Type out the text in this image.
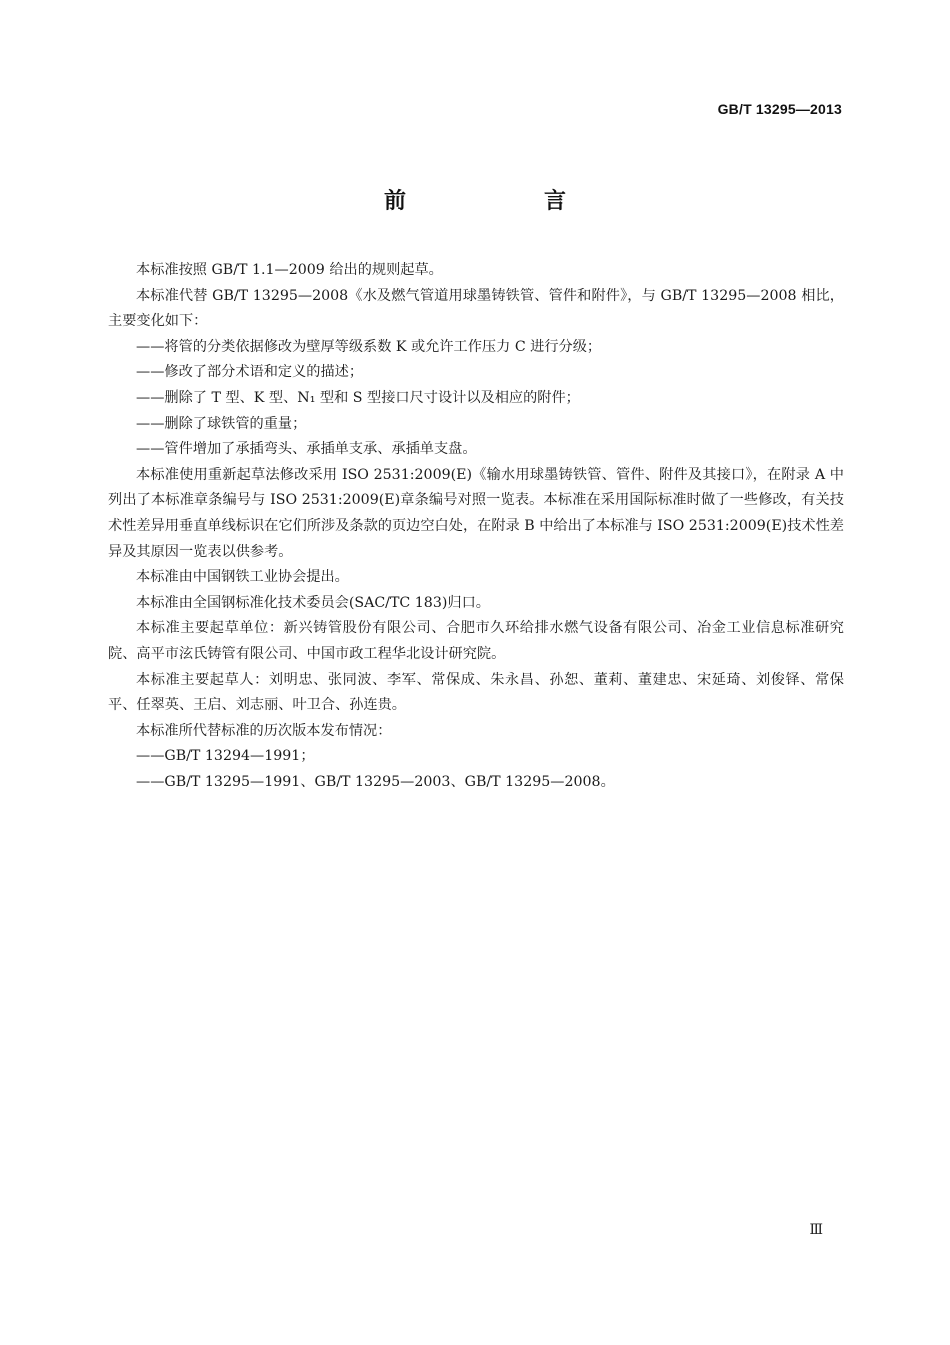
GB/T 13295—2013
前　言

本标准按照 GB/T 1.1—2009 给出的规则起草。

本标准代替 GB/T 13295—2008《水及燃气管道用球墨铸铁管、管件和附件》，与 GB/T 13295—2008 相比，主要变化如下：

——将管的分类依据修改为壁厚等级系数 K 或允许工作压力 C 进行分级；

——修改了部分术语和定义的描述；

——删除了 T 型、K 型、N₁ 型和 S 型接口尺寸设计以及相应的附件；

——删除了球铁管的重量；

——管件增加了承插弯头、承插单支承、承插单支盘。

本标准使用重新起草法修改采用 ISO 2531:2009(E)《输水用球墨铸铁管、管件、附件及其接口》，在附录 A 中列出了本标准章条编号与 ISO 2531:2009(E)章条编号对照一览表。本标准在采用国际标准时做了一些修改，有关技术性差异用垂直单线标识在它们所涉及条款的页边空白处，在附录 B 中给出了本标准与 ISO 2531:2009(E)技术性差异及其原因一览表以供参考。

本标准由中国钢铁工业协会提出。

本标准由全国钢标准化技术委员会(SAC/TC 183)归口。

本标准主要起草单位：新兴铸管股份有限公司、合肥市久环给排水燃气设备有限公司、冶金工业信息标准研究院、高平市泫氏铸管有限公司、中国市政工程华北设计研究院。

本标准主要起草人：刘明忠、张同波、李军、常保成、朱永昌、孙恕、董莉、董建忠、宋延琦、刘俊铎、常保平、任翠英、王启、刘志丽、叶卫合、孙连贵。

本标准所代替标准的历次版本发布情况：

——GB/T 13294—1991；

——GB/T 13295—1991、GB/T 13295—2003、GB/T 13295—2008。

Ⅲ
